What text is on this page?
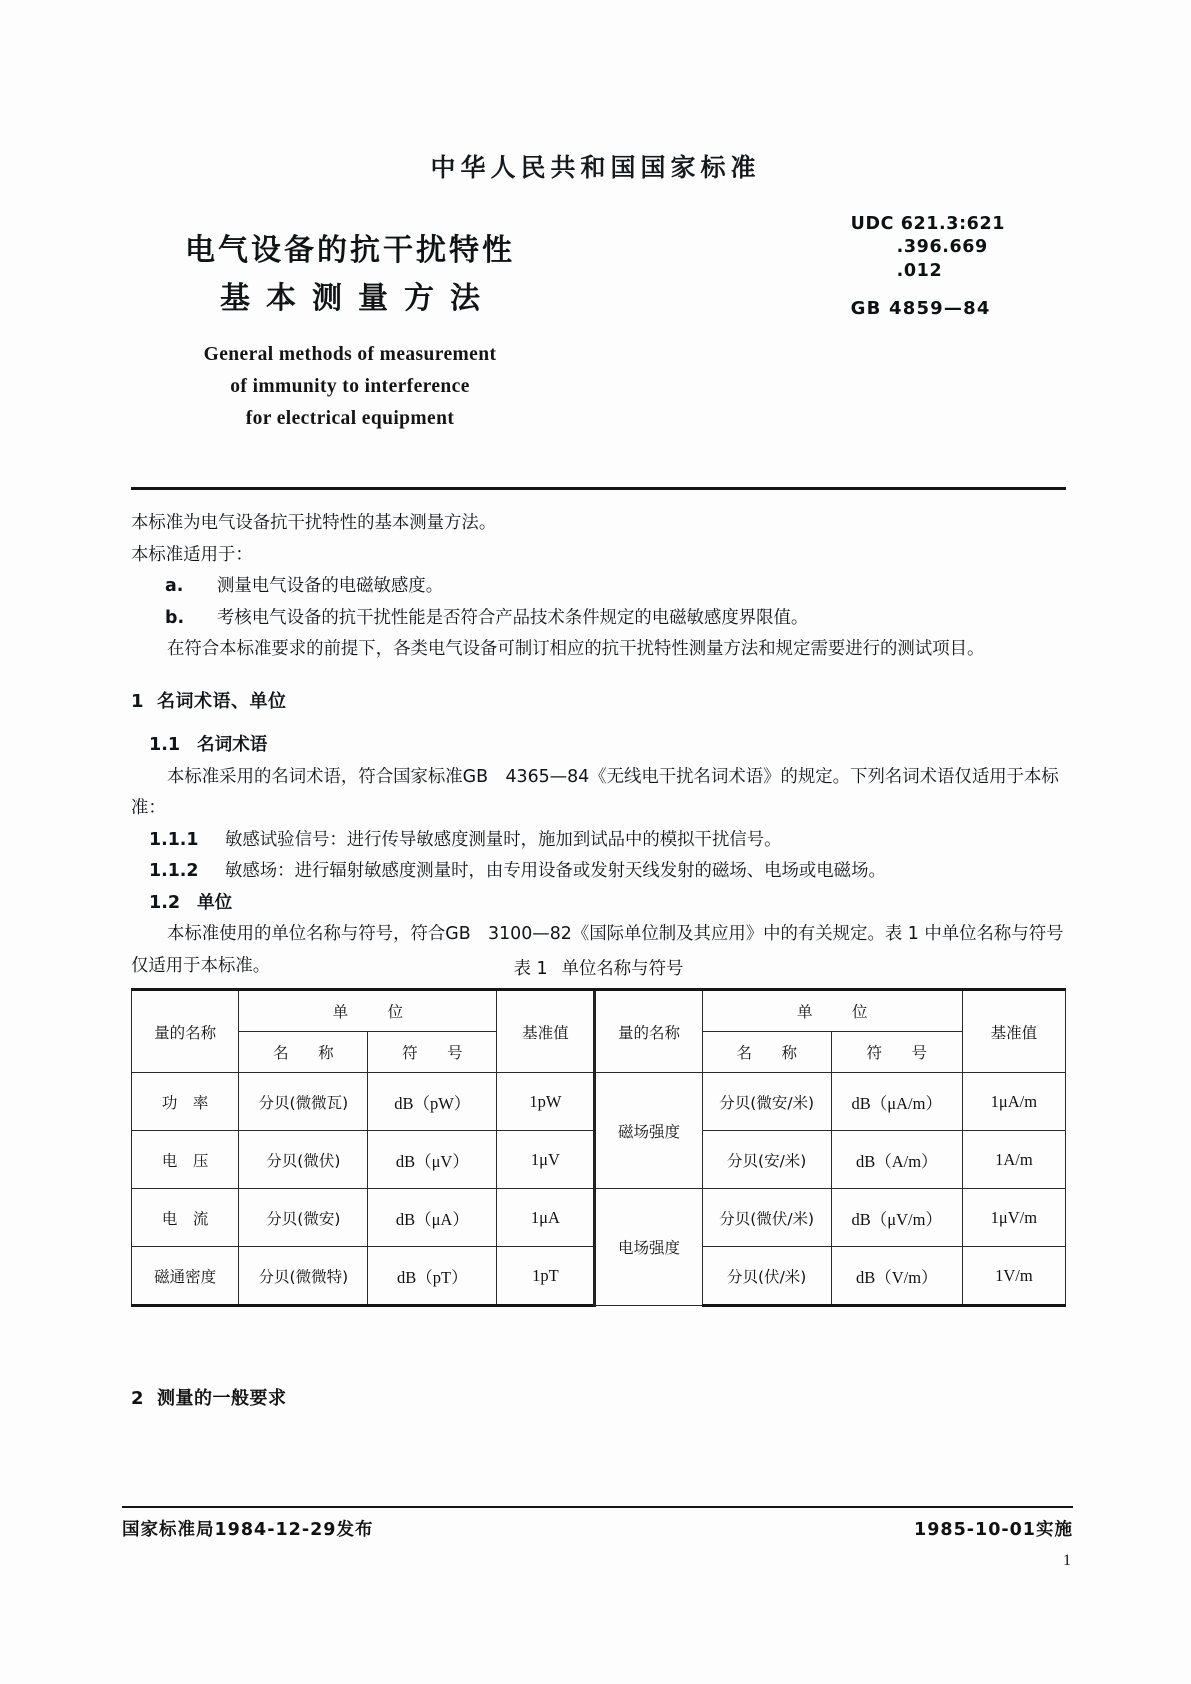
中华人民共和国国家标准
UDC 621.3:621
.396.669
.012
GB 4859—84
电气设备的抗干扰特性
基本测量方法
General methods of measurement
of immunity to interference
for electrical equipment

本标准为电气设备抗干扰特性的基本测量方法。

本标准适用于：

a. 测量电气设备的电磁敏感度。
b. 考核电气设备的抗干扰性能是否符合产品技术条件规定的电磁敏感度界限值。

在符合本标准要求的前提下，各类电气设备可制订相应的抗干扰特性测量方法和规定需要进行的测试项目。

1 名词术语、单位
1.1 名词术语

本标准采用的名词术语，符合国家标准GB　4365—84《无线电干扰名词术语》的规定。下列名词术语仅适用于本标准：

1.1.1 敏感试验信号：进行传导敏感度测量时，施加到试品中的模拟干扰信号。
1.1.2 敏感场：进行辐射敏感度测量时，由专用设备或发射天线发射的磁场、电场或电磁场。
1.2 单位

本标准使用的单位名称与符号，符合GB　3100—82《国际单位制及其应用》中的有关规定。表 1 中单位名称与符号仅适用于本标准。	表 1 单位名称与符号
量的名称	单　位		基准值	量的名称	单　位		基准值
	名　称	符　号			名　称	符　号	
功　率	分贝(微微瓦)	dB（pW）	1pW	磁场强度	分贝(微安/米)	dB（μA/m）	1μA/m
电　压	分贝(微伏)	dB（μV）	1μV		分贝(安/米)	dB（A/m）	1A/m
电　流	分贝(微安)	dB（μA）	1μA	电场强度	分贝(微伏/米)	dB（μV/m）	1μV/m
磁通密度	分贝(微微特)	dB（pT）	1pT		分贝(伏/米)	dB（V/m）	1V/m
2 测量的一般要求
国家标准局1984-12-29发布	1985-10-01实施
1
